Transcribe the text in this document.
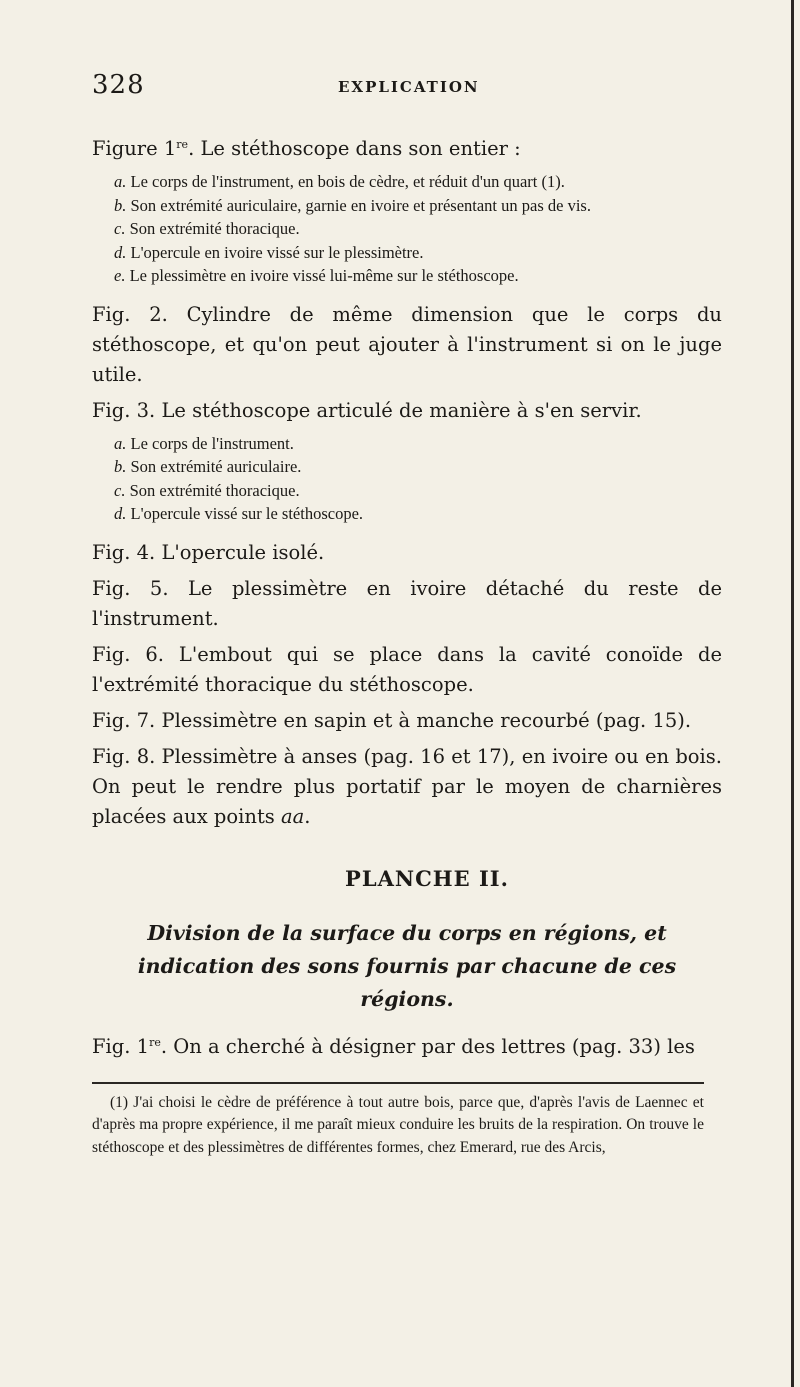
328	EXPLICATION

Figure 1re. Le stéthoscope dans son entier :

a. Le corps de l'instrument, en bois de cèdre, et réduit d'un quart (1).
b. Son extrémité auriculaire, garnie en ivoire et présentant un pas de vis.
c. Son extrémité thoracique.
d. L'opercule en ivoire vissé sur le plessimètre.
e. Le plessimètre en ivoire vissé lui-même sur le stéthoscope.

Fig. 2. Cylindre de même dimension que le corps du stéthoscope, et qu'on peut ajouter à l'instrument si on le juge utile.

Fig. 3. Le stéthoscope articulé de manière à s'en servir.

a. Le corps de l'instrument.
b. Son extrémité auriculaire.
c. Son extrémité thoracique.
d. L'opercule vissé sur le stéthoscope.

Fig. 4. L'opercule isolé.

Fig. 5. Le plessimètre en ivoire détaché du reste de l'instrument.

Fig. 6. L'embout qui se place dans la cavité conoïde de l'extrémité thoracique du stéthoscope.

Fig. 7. Plessimètre en sapin et à manche recourbé (pag. 15).

Fig. 8. Plessimètre à anses (pag. 16 et 17), en ivoire ou en bois. On peut le rendre plus portatif par le moyen de charnières placées aux points aa.

PLANCHE II.
Division de la surface du corps en régions, et indication des sons fournis par chacune de ces régions.

Fig. 1re. On a cherché à désigner par des lettres (pag. 33) les

(1) J'ai choisi le cèdre de préférence à tout autre bois, parce que, d'après l'avis de Laennec et d'après ma propre expérience, il me paraît mieux conduire les bruits de la respiration. On trouve le stéthoscope et des plessimètres de différentes formes, chez Emerard, rue des Arcis,
